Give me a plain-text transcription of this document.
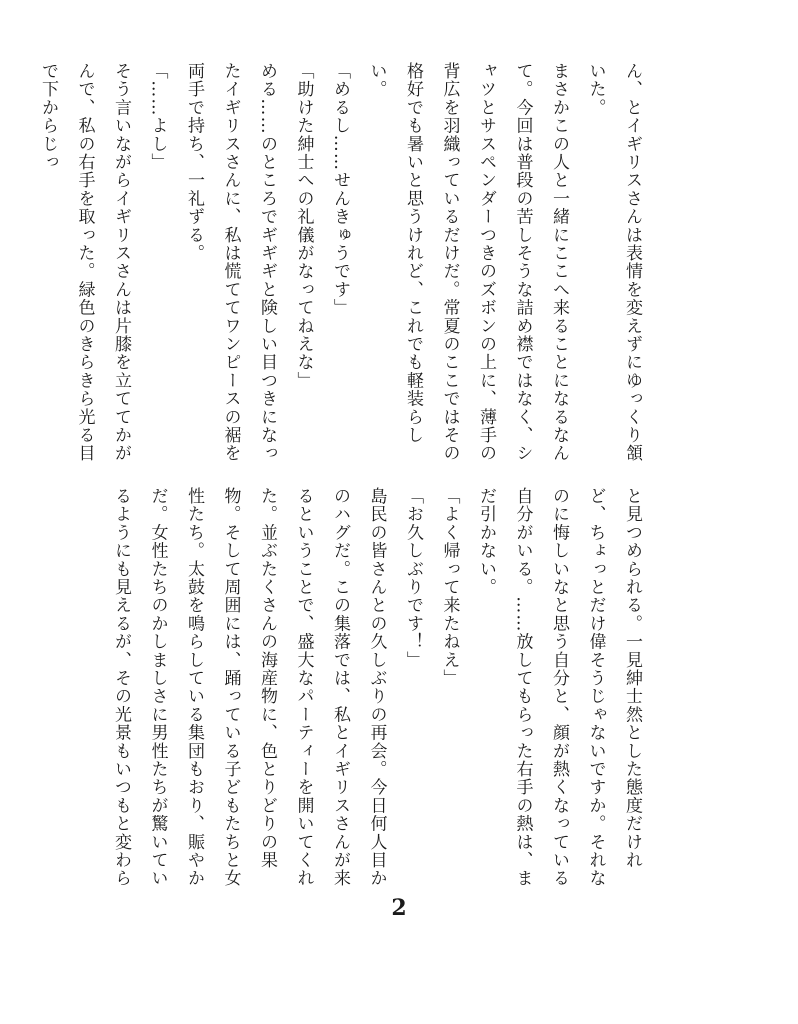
ん、とイギリスさんは表情を変えずにゆっくり頷いた。

まさかこの人と一緒にここへ来ることになるなんて。今回は普段の苦しそうな詰め襟ではなく、シャツとサスペンダーつきのズボンの上に、薄手の背広を羽織っているだけだ。常夏のここではその格好でも暑いと思うけれど、これでも軽装らしい。

「めるし……せんきゅうです」

「助けた紳士への礼儀がなってねえな」

める……のところでギギギと険しい目つきになったイギリスさんに、私は慌ててワンピースの裾を両手で持ち、一礼ずる。

「……よし」

そう言いながらイギリスさんは片膝を立ててかがんで、私の右手を取った。緑色のきらきら光る目で下からじっ

と見つめられる。一見紳士然とした態度だけれど、ちょっとだけ偉そうじゃないですか。それなのに悔しいなと思う自分と、顔が熱くなっている自分がいる。……放してもらった右手の熱は、まだ引かない。

「よく帰って来たねえ」

「お久しぶりです！」

島民の皆さんとの久しぶりの再会。今日何人目かのハグだ。この集落では、私とイギリスさんが来るということで、盛大なパーティーを開いてくれた。並ぶたくさんの海産物に、色とりどりの果物。そして周囲には、踊っている子どもたちと女性たち。太鼓を鳴らしている集団もおり、賑やかだ。女性たちのかしましさに男性たちが驚いているようにも見えるが、その光景もいつもと変わら

2
